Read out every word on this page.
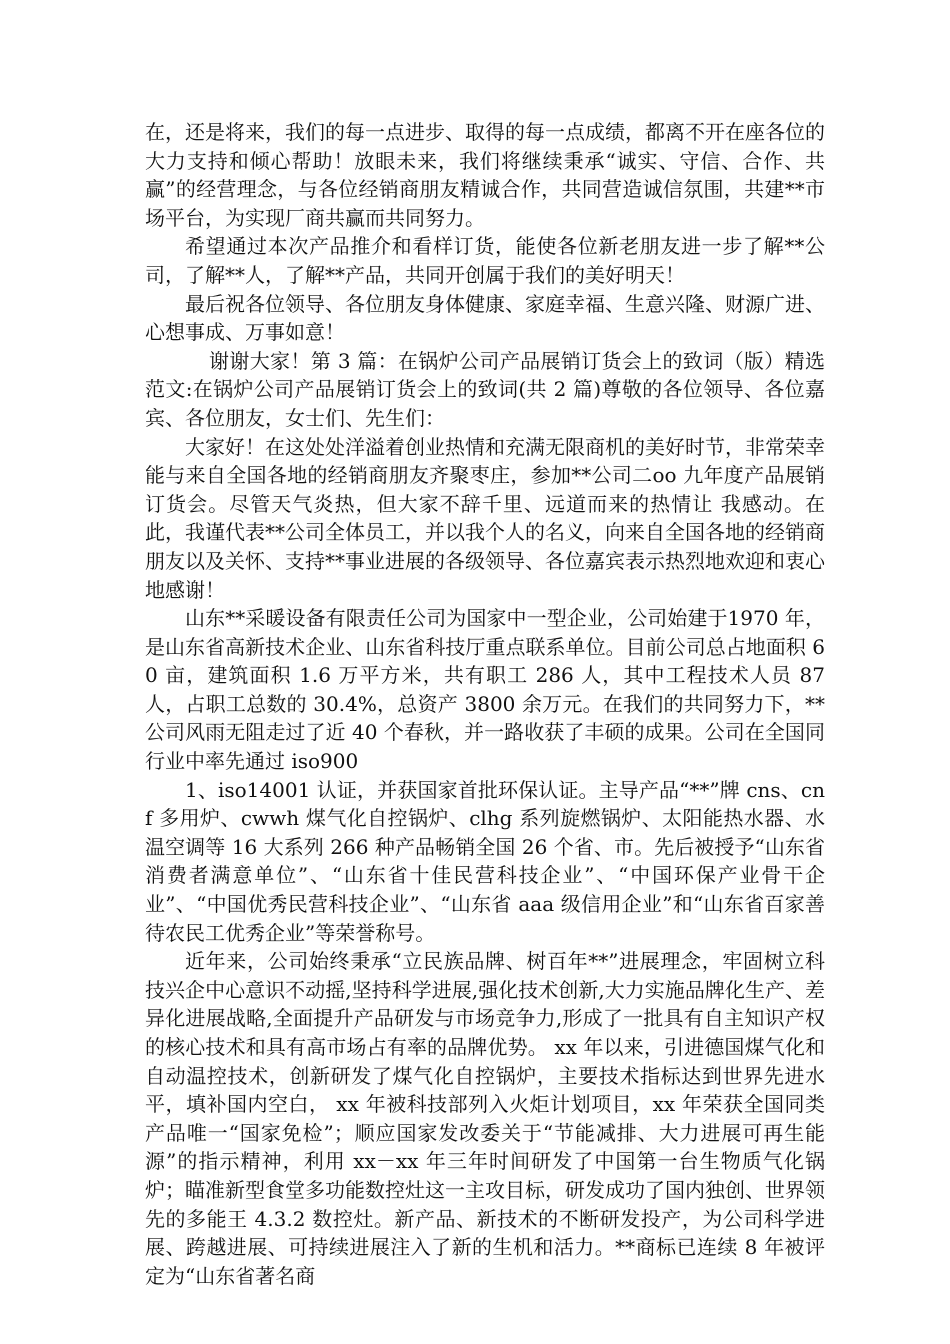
在，还是将来，我们的每一点进步、取得的每一点成绩，都离不开在座各位的大力支持和倾心帮助！放眼未来，我们将继续秉承“诚实、守信、合作、共赢”的经营理念，与各位经销商朋友精诚合作，共同营造诚信氛围，共建**市场平台，为实现厂商共赢而共同努力。

希望通过本次产品推介和看样订货，能使各位新老朋友进一步了解**公司，了解**人，了解**产品，共同开创属于我们的美好明天！

最后祝各位领导、各位朋友身体健康、家庭幸福、生意兴隆、财源广进、心想事成、万事如意！

谢谢大家！第 3 篇：在锅炉公司产品展销订货会上的致词（版）精选范文:在锅炉公司产品展销订货会上的致词(共 2 篇)尊敬的各位领导、各位嘉宾、各位朋友，女士们、先生们：

大家好！在这处处洋溢着创业热情和充满无限商机的美好时节，非常荣幸能与来自全国各地的经销商朋友齐聚枣庄，参加**公司二oo 九年度产品展销订货会。尽管天气炎热，但大家不辞千里、远道而来的热情让 我感动。在此，我谨代表**公司全体员工，并以我个人的名义，向来自全国各地的经销商朋友以及关怀、支持**事业进展的各级领导、各位嘉宾表示热烈地欢迎和衷心地感谢！

山东**采暖设备有限责任公司为国家中一型企业，公司始建于1970 年，是山东省高新技术企业、山东省科技厅重点联系单位。目前公司总占地面积 60 亩，建筑面积 1.6 万平方米，共有职工 286 人，其中工程技术人员 87 人，占职工总数的 30.4%，总资产 3800 余万元。在我们的共同努力下，**公司风雨无阻走过了近 40 个春秋，并一路收获了丰硕的成果。公司在全国同行业中率先通过 iso900

1、iso14001 认证，并获国家首批环保认证。主导产品“**”牌 cns、cnf 多用炉、cwwh 煤气化自控锅炉、clhg 系列旋燃锅炉、太阳能热水器、水温空调等 16 大系列 266 种产品畅销全国 26 个省、市。先后被授予“山东省消费者满意单位”、“山东省十佳民营科技企业”、“中国环保产业骨干企业”、“中国优秀民营科技企业”、“山东省 aaa 级信用企业”和“山东省百家善待农民工优秀企业”等荣誉称号。

近年来，公司始终秉承“立民族品牌、树百年**”进展理念，牢固树立科技兴企中心意识不动摇,坚持科学进展,强化技术创新,大力实施品牌化生产、差异化进展战略,全面提升产品研发与市场竞争力,形成了一批具有自主知识产权的核心技术和具有高市场占有率的品牌优势。 xx 年以来，引进德国煤气化和自动温控技术，创新研发了煤气化自控锅炉，主要技术指标达到世界先进水平，填补国内空白， xx 年被科技部列入火炬计划项目，xx 年荣获全国同类产品唯一“国家免检”；顺应国家发改委关于“节能减排、大力进展可再生能源”的指示精神，利用 xx－xx 年三年时间研发了中国第一台生物质气化锅炉；瞄准新型食堂多功能数控灶这一主攻目标，研发成功了国内独创、世界领先的多能王 4.3.2 数控灶。新产品、新技术的不断研发投产，为公司科学进展、跨越进展、可持续进展注入了新的生机和活力。**商标已连续 8 年被评定为“山东省著名商
